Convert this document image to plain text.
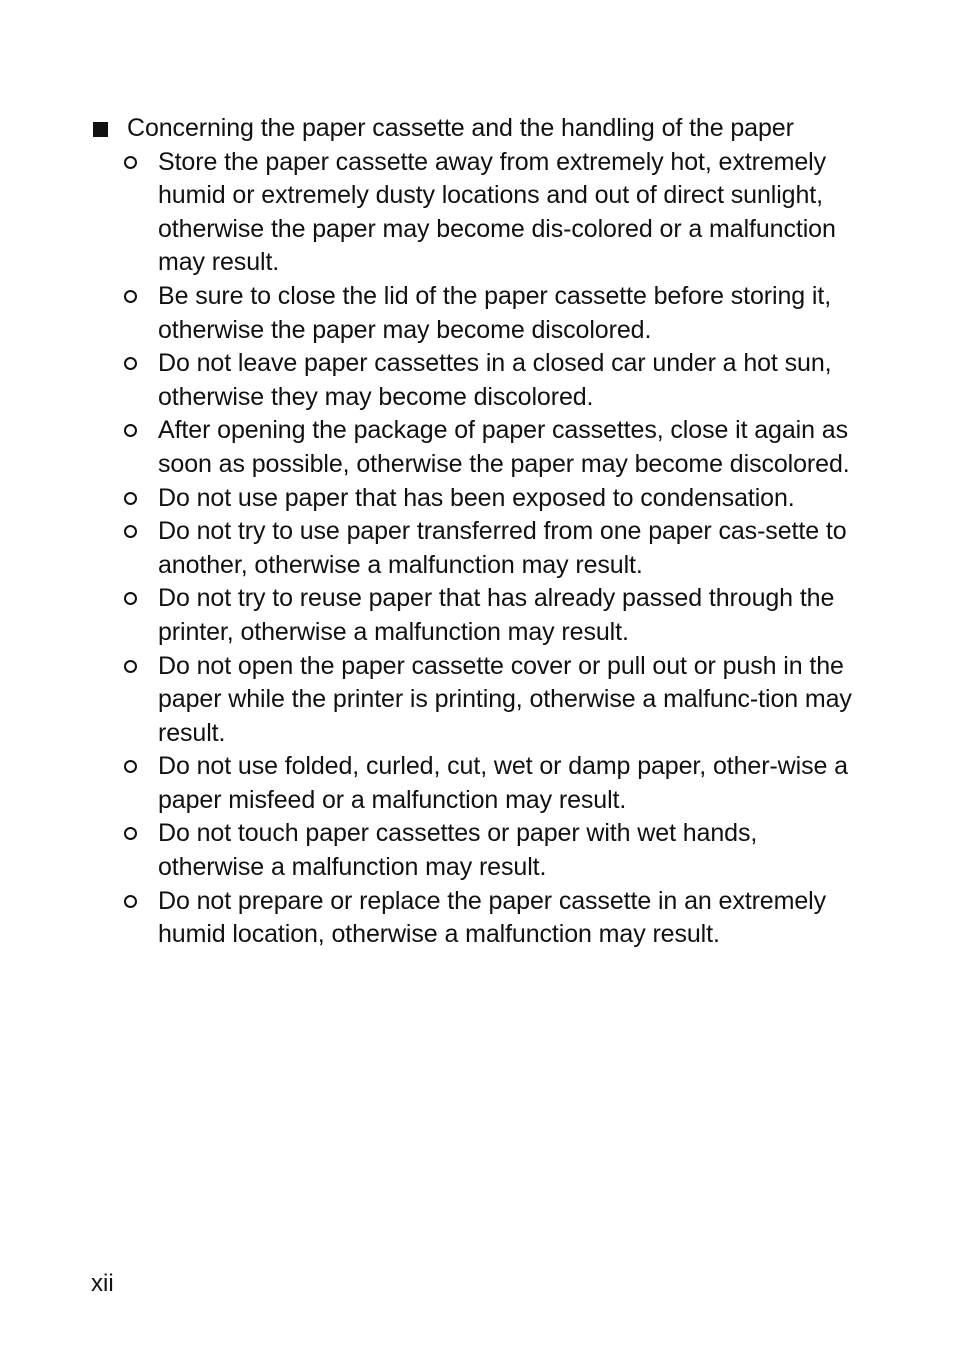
Concerning the paper cassette and the handling of the paper
Store the paper cassette away from extremely hot, extremely humid or extremely dusty locations and out of direct sunlight, otherwise the paper may become dis-colored or a malfunction may result.
Be sure to close the lid of the paper cassette before storing it, otherwise the paper may become discolored.
Do not leave paper cassettes in a closed car under a hot sun, otherwise they may become discolored.
After opening the package of paper cassettes, close it again as soon as possible, otherwise the paper may become discolored.
Do not use paper that has been exposed to condensation.
Do not try to use paper transferred from one paper cas-sette to another, otherwise a malfunction may result.
Do not try to reuse paper that has already passed through the printer, otherwise a malfunction may result.
Do not open the paper cassette cover or pull out or push in the paper while the printer is printing, otherwise a malfunc-tion may result.
Do not use folded, curled, cut, wet or damp paper, other-wise a paper misfeed or a malfunction may result.
Do not touch paper cassettes or paper with wet hands, otherwise a malfunction may result.
Do not prepare or replace the paper cassette in an extremely humid location, otherwise a malfunction may result.
xii
